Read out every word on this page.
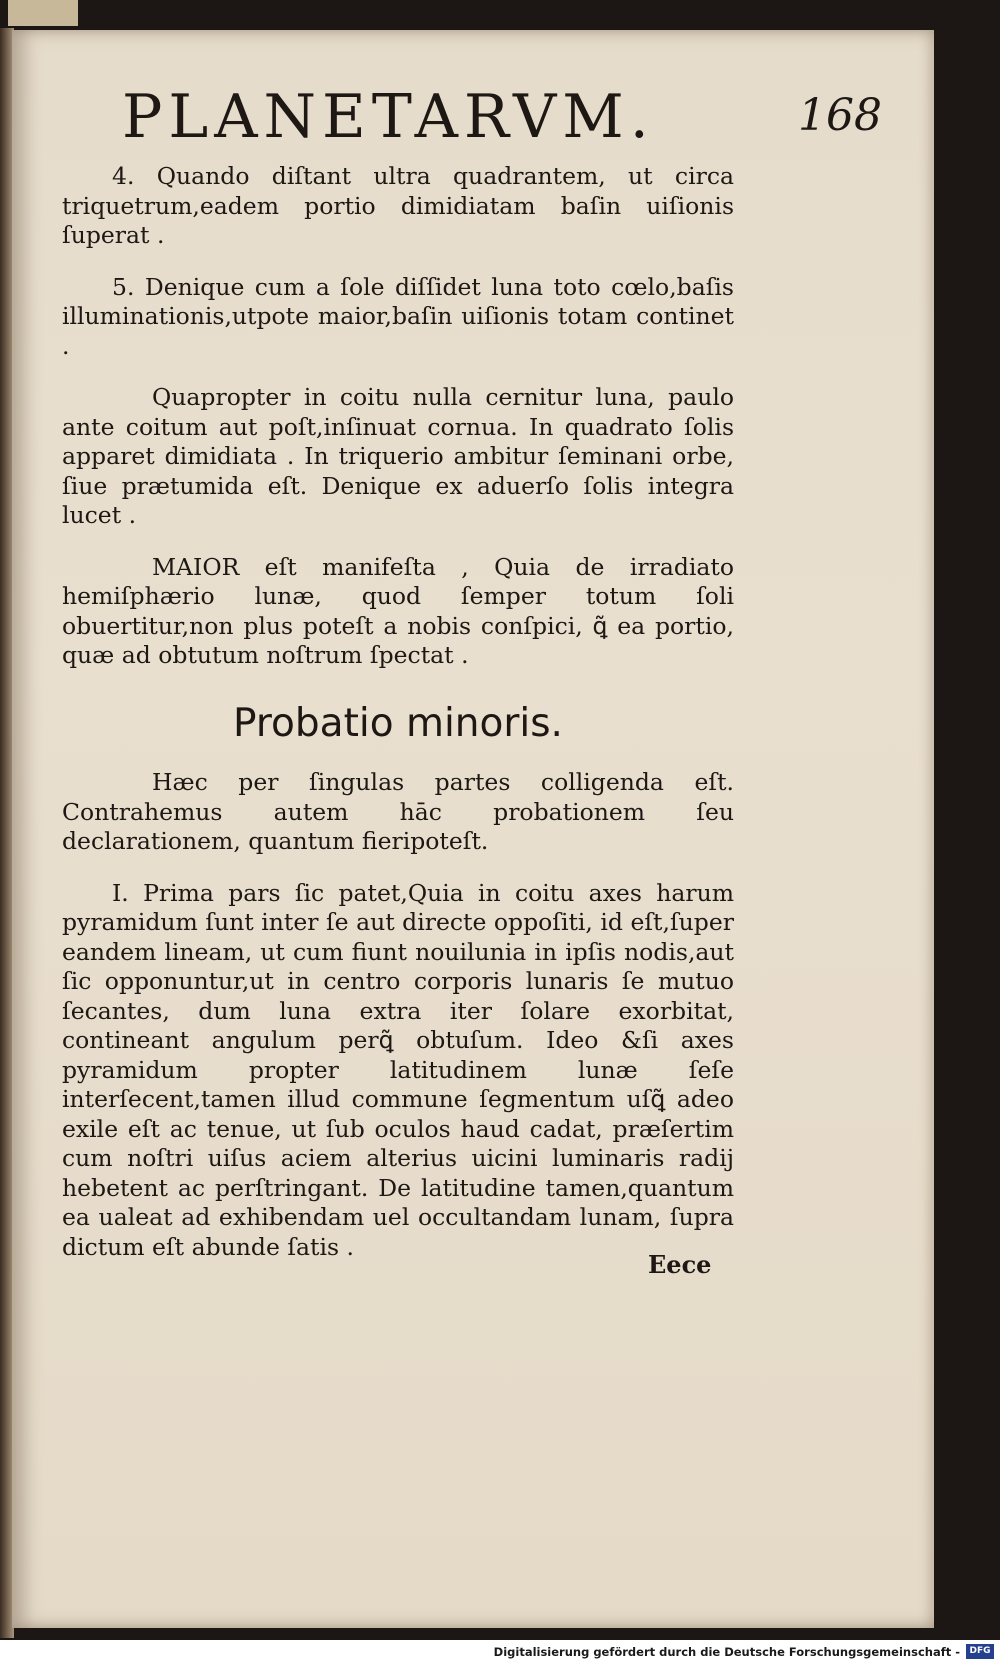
PLANETARVM.	168

4. Quando diſtant ultra quadrantem, ut circa triquetrum,eadem portio dimidiatam baſin uiſionis ſuperat .

5. Denique cum a ſole diſſidet luna toto cœlo,baſis illuminationis,utpote maior,baſin uiſionis totam continet .

Quapropter in coitu nulla cernitur luna, paulo ante coitum aut poſt,inſinuat cornua. In quadrato ſolis apparet dimidiata . In triquerio ambitur ſeminani orbe, ſiue prætumida eſt. Denique ex aduerſo ſolis integra lucet .

MAIOR eſt manifeſta , Quia de irradiato hemiſphærio lunæ, quod ſemper totum ſoli obuertitur,non plus poteſt a nobis conſpici, ꝗ̃ ea portio, quæ ad obtutum noſtrum ſpectat .

Probatio minoris.

Hæc per ſingulas partes colligenda eſt. Contrahemus autem hāc probationem ſeu declarationem, quantum fieripoteſt.

I. Prima pars ſic patet,Quia in coitu axes harum pyramidum ſunt inter ſe aut directe oppoſiti, id eſt,ſuper eandem lineam, ut cum fiunt nouilunia in ipſis nodis,aut ſic opponuntur,ut in centro corporis lunaris ſe mutuo ſecantes, dum luna extra iter ſolare exorbitat, contineant angulum perꝗ̃ obtuſum. Ideo &ſi axes pyramidum propter latitudinem lunæ ſeſe interſecent,tamen illud commune ſegmentum uſꝗ̃ adeo exile eſt ac tenue, ut ſub oculos haud cadat, præſertim cum noſtri uiſus aciem alterius uicini luminaris radij hebetent ac perſtringant. De latitudine tamen,quantum ea ualeat ad exhibendam uel occultandam lunam, ſupra dictum eſt abunde ſatis .

Eece
Digitalisierung gefördert durch die Deutsche Forschungsgemeinschaft -	DFG
